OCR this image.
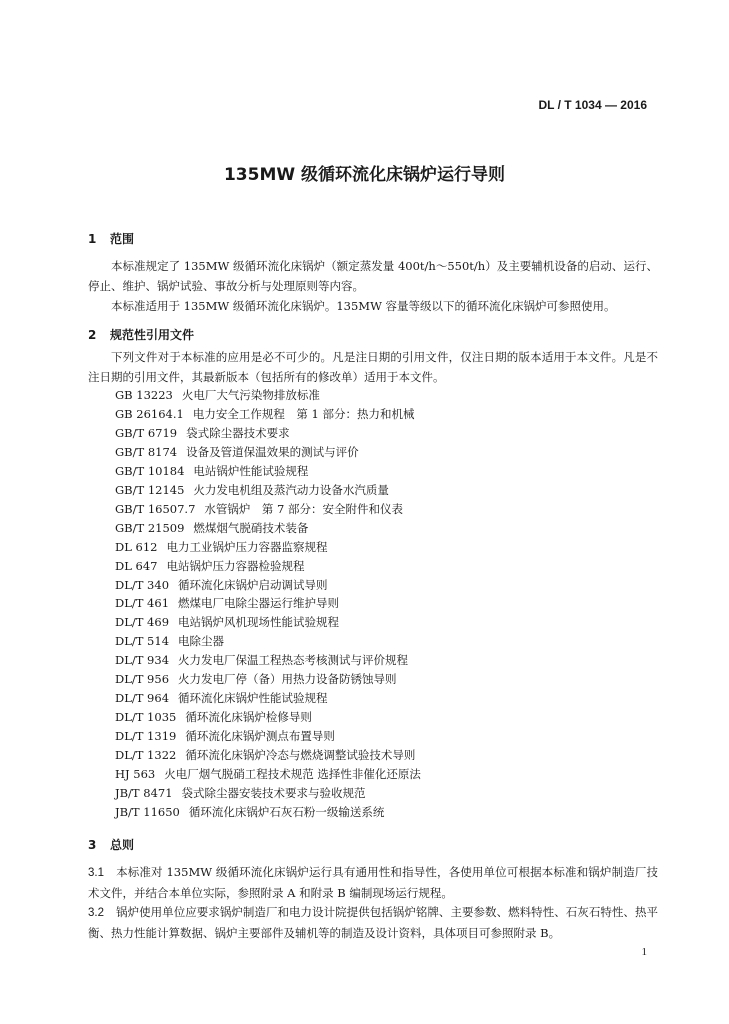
DL / T 1034 — 2016
135MW 级循环流化床锅炉运行导则
1 范围
本标准规定了 135MW 级循环流化床锅炉（额定蒸发量 400t/h～550t/h）及主要辅机设备的启动、运行、停止、维护、锅炉试验、事故分析与处理原则等内容。
本标准适用于 135MW 级循环流化床锅炉。135MW 容量等级以下的循环流化床锅炉可参照使用。
2 规范性引用文件
下列文件对于本标准的应用是必不可少的。凡是注日期的引用文件，仅注日期的版本适用于本文件。凡是不注日期的引用文件，其最新版本（包括所有的修改单）适用于本文件。
GB 13223 火电厂大气污染物排放标准
GB 26164.1 电力安全工作规程　第 1 部分：热力和机械
GB/T 6719 袋式除尘器技术要求
GB/T 8174 设备及管道保温效果的测试与评价
GB/T 10184 电站锅炉性能试验规程
GB/T 12145 火力发电机组及蒸汽动力设备水汽质量
GB/T 16507.7 水管锅炉　第 7 部分：安全附件和仪表
GB/T 21509 燃煤烟气脱硝技术装备
DL 612 电力工业锅炉压力容器监察规程
DL 647 电站锅炉压力容器检验规程
DL/T 340 循环流化床锅炉启动调试导则
DL/T 461 燃煤电厂电除尘器运行维护导则
DL/T 469 电站锅炉风机现场性能试验规程
DL/T 514 电除尘器
DL/T 934 火力发电厂保温工程热态考核测试与评价规程
DL/T 956 火力发电厂停（备）用热力设备防锈蚀导则
DL/T 964 循环流化床锅炉性能试验规程
DL/T 1035 循环流化床锅炉检修导则
DL/T 1319 循环流化床锅炉测点布置导则
DL/T 1322 循环流化床锅炉冷态与燃烧调整试验技术导则
HJ 563 火电厂烟气脱硝工程技术规范 选择性非催化还原法
JB/T 8471 袋式除尘器安装技术要求与验收规范
JB/T 11650 循环流化床锅炉石灰石粉一级输送系统
3 总则
3.1 本标准对 135MW 级循环流化床锅炉运行具有通用性和指导性，各使用单位可根据本标准和锅炉制造厂技术文件，并结合本单位实际，参照附录 A 和附录 B 编制现场运行规程。
3.2 锅炉使用单位应要求锅炉制造厂和电力设计院提供包括锅炉铭牌、主要参数、燃料特性、石灰石特性、热平衡、热力性能计算数据、锅炉主要部件及辅机等的制造及设计资料，具体项目可参照附录 B。
1
